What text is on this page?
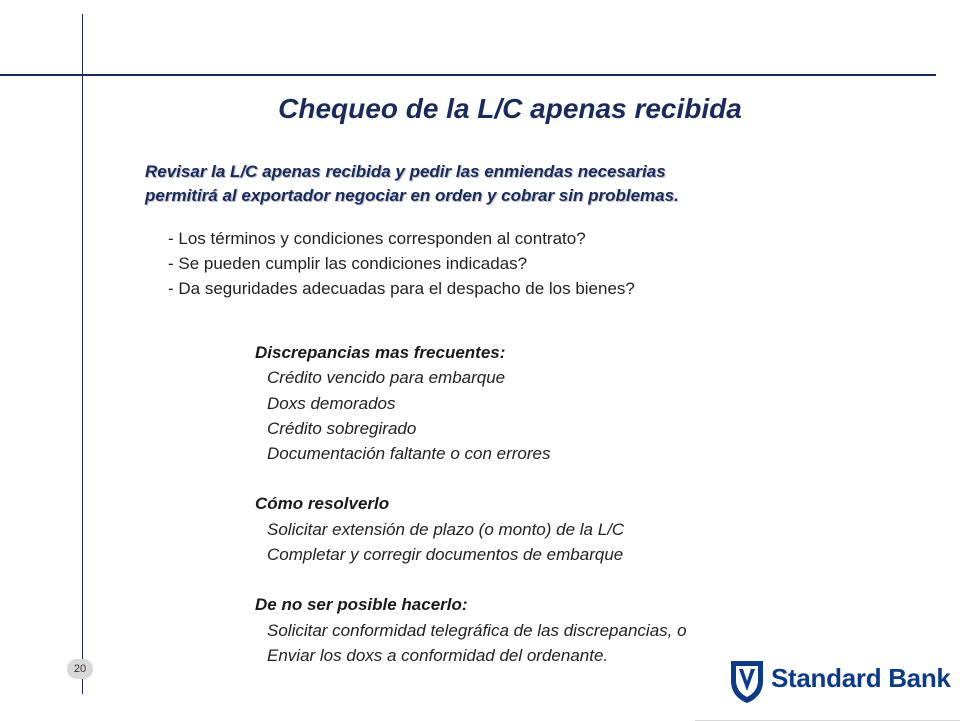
Chequeo de la L/C apenas recibida
Revisar la L/C apenas recibida y pedir las enmiendas necesarias
permitirá al exportador negociar en orden y cobrar sin problemas.
- Los términos y condiciones corresponden al contrato?
- Se pueden cumplir las condiciones indicadas?
- Da seguridades adecuadas para el despacho de los bienes?
Discrepancias mas frecuentes:
Crédito vencido para embarque
Doxs demorados
Crédito sobregirado
Documentación faltante o con errores
Cómo resolverlo
Solicitar extensión de plazo (o monto) de la L/C
Completar y corregir documentos de embarque
De no ser posible hacerlo:
Solicitar conformidad telegráfica de las discrepancias, o
Enviar los doxs a conformidad del ordenante.
20	Standard Bank
